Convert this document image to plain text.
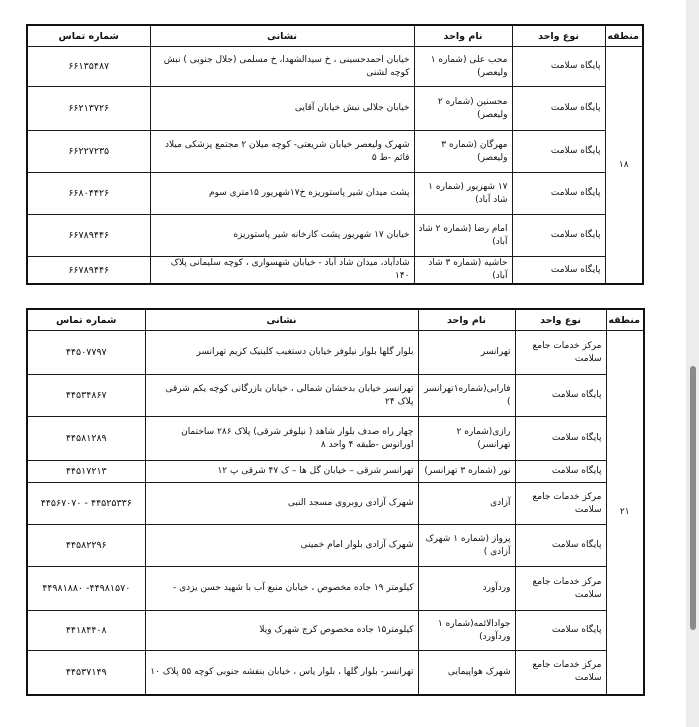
منطقه	نوع واحد	نام واحد	نشانی	شماره تماس
۱۸	پایگاه سلامت	محب علی (شماره ۱ ولیعصر)	خیابان احمدحسینی ، خ سیدالشهدا، خ مسلمی (جلال جنوبی ) نبش کوچه لشنی	۶۶۱۳۵۴۸۷
	پایگاه سلامت	محسنین (شماره ۲ ولیعصر)	خیابان جلالی نبش خیابان آقایی	۶۶۲۱۳۷۲۶
	پایگاه سلامت	مهرگان (شماره ۳ ولیعصر)	شهرک ولیعصر خیابان شریعتی- کوچه میلان ۲ مجتمع پزشکی میلاد قائم -ط ۵	۶۶۲۲۷۲۳۵
	پایگاه سلامت	۱۷ شهریور (شماره ۱ شاد آباد)	پشت میدان شیر پاستوریزه خ۱۷شهریور ۱۵متری سوم	۶۶۸۰۴۴۲۶
	پایگاه سلامت	امام رضا (شماره ۲ شاد آباد)	خیابان ۱۷ شهریور پشت کارخانه شیر پاستوریزه	۶۶۷۸۹۴۴۶
	پایگاه سلامت	حاشیه (شماره ۳ شاد آباد)	شادآباد، میدان شاد آباد - خیابان شهسواری ، کوچه سلیمانی پلاک ۱۴۰	۶۶۷۸۹۴۴۶
منطقه	نوع واحد	نام واحد	نشانی	شماره تماس
۲۱	مرکز خدمات جامع سلامت	تهرانسر	بلوار گلها بلوار نیلوفر خیابان دستغیب کلینیک کریم تهرانسر	۴۴۵۰۷۷۹۷
	پایگاه سلامت	فارابی(شماره۱تهرانسر )	تهرانسر خیابان بدخشان شمالی ، خیابان بازرگانی کوچه یکم شرقی پلاک ۲۴	۴۴۵۳۴۸۶۷
	پایگاه سلامت	رازی(شماره ۲ تهرانسر)	چهار راه صدف بلوار شاهد ( نیلوفر شرقی) پلاک ۲۸۶ ساختمان اورانوس -طبقه ۴ واحد ۸	۴۴۵۸۱۲۸۹
	پایگاه سلامت	نور (شماره ۳ تهرانسر)	تهرانسر شرقی – خیابان گل ها – ک ۴۷ شرقی پ ۱۲	۴۴۵۱۷۲۱۳
	مرکز خدمات جامع سلامت	آزادی	شهرک آزادی روبروی مسجد النبی	۴۴۵۶۷۰۷۰ - ۴۴۵۲۵۳۳۶
	پایگاه سلامت	پرواز (شماره ۱ شهرک آزادی )	شهرک آزادی بلوار امام خمینی	۴۴۵۸۲۲۹۶
	مرکز خدمات جامع سلامت	وردآورد	کیلومتر ۱۹ جاده مخصوص ، خیابان منبع آب با شهید حسن یزدی -	۴۴۹۸۱۸۸۰ -۴۴۹۸۱۵۷۰
	پایگاه سلامت	جوادالائمه(شماره ۱ وردآورد)	کیلومتر۱۵ جاده مخصوص کرج شهرک ویلا	۴۴۱۸۴۴۰۸
	مرکز خدمات جامع سلامت	شهرک هواپیمایی	تهرانسر- بلوار گلها ، بلوار یاس ، خیابان بنفشه جنوبی کوچه ۵۵ پلاک ۱۰	۴۴۵۳۷۱۴۹
